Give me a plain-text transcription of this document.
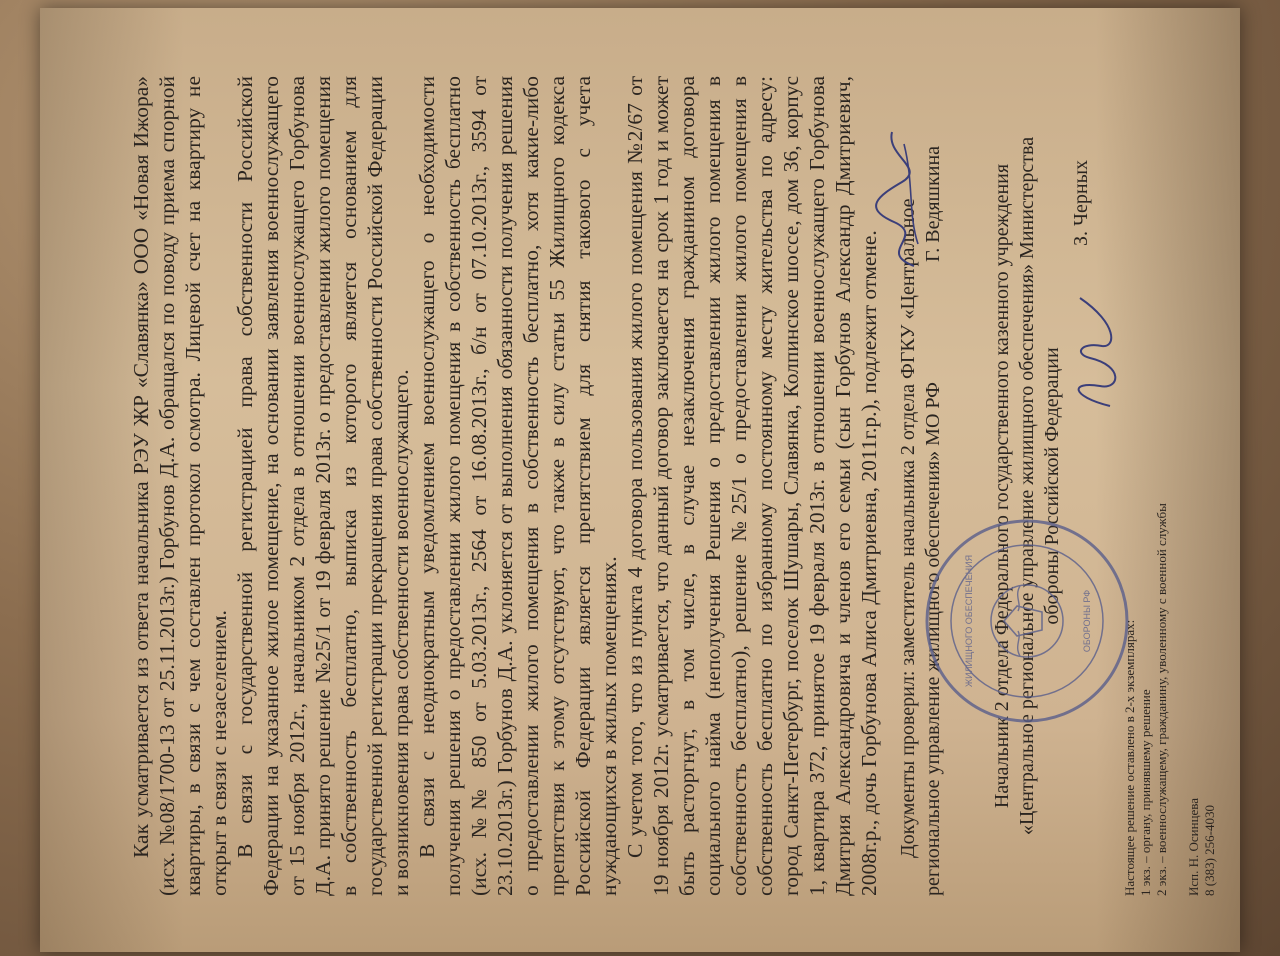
Как усматривается из ответа начальника РЭУ ЖР «Славянка» ООО «Новая Ижора» (исх. №08/1700-13 от 25.11.2013г.) Горбунов Д.А. обращался по поводу приема спорной квартиры, в связи с чем составлен протокол осмотра. Лицевой счет на квартиру не открыт в связи с незаселением. В связи с государственной регистрацией права собственности Российской Федерации на указанное жилое помещение, на основании заявления военнослужащего от 15 ноября 2012г., начальником 2 отдела в отношении военнослужащего Горбунова Д.А. принято решение №25/1 от 19 февраля 2013г. о предоставлении жилого помещения в собственность бесплатно, выписка из которого является основанием для государственной регистрации прекращения права собственности Российской Федерации и возникновения права собственности военнослужащего. В связи с неоднократным уведомлением военнослужащего о необходимости получения решения о предоставлении жилого помещения в собственность бесплатно (исх. №№ 850 от 5.03.2013г., 2564 от 16.08.2013г., б/н от 07.10.2013г., 3594 от 23.10.2013г.) Горбунов Д.А. уклоняется от выполнения обязанности получения решения о предоставлении жилого помещения в собственность бесплатно, хотя какие-либо препятствия к этому отсутствуют, что также в силу статьи 55 Жилищного кодекса Российской Федерации является препятствием для снятия такового с учета нуждающихся в жилых помещениях. С учетом того, что из пункта 4 договора пользования жилого помещения №2/67 от 19 ноября 2012г. усматривается, что данный договор заключается на срок 1 год и может быть расторгнут, в том числе, в случае незаключения гражданином договора социального найма (неполучения Решения о предоставлении жилого помещения в собственность бесплатно), решение №25/1 о предоставлении жилого помещения в собственность бесплатно по избранному постоянному месту жительства по адресу: город Санкт-Петербург, поселок Шушары, Славянка, Колпинское шоссе, дом 36, корпус 1, квартира 372, принятое 19 февраля 2013г. в отношении военнослужащего Горбунова Дмитрия Александровича и членов его семьи (сын Горбунов Александр Дмитриевич, 2008г.р., дочь Горбунова Алиса Дмитриевна, 2011г.р.), подлежит отмене. Документы проверил: заместитель начальника 2 отдела ФГКУ «Центральное региональное управление жилищного обеспечения» МО РФ  Г. Ведяшкина Начальник 2 отдела Федерального государственного казенного учреждения «Центральное региональное управление жилищного обеспечения» Министерства обороны Российской Федерации

З. Черных
ЖИЛИЩНОГО ОБЕСПЕЧЕНИЯ	ОБОРОНЫ РФ Настоящее решение оставлено в 2-х экземплярах: 1 экз. – органу, принявшему решение 2 экз. – военнослужащему, гражданину, уволенному с военной службы Исп. Н. Осинцева 8 (383) 256-4030
